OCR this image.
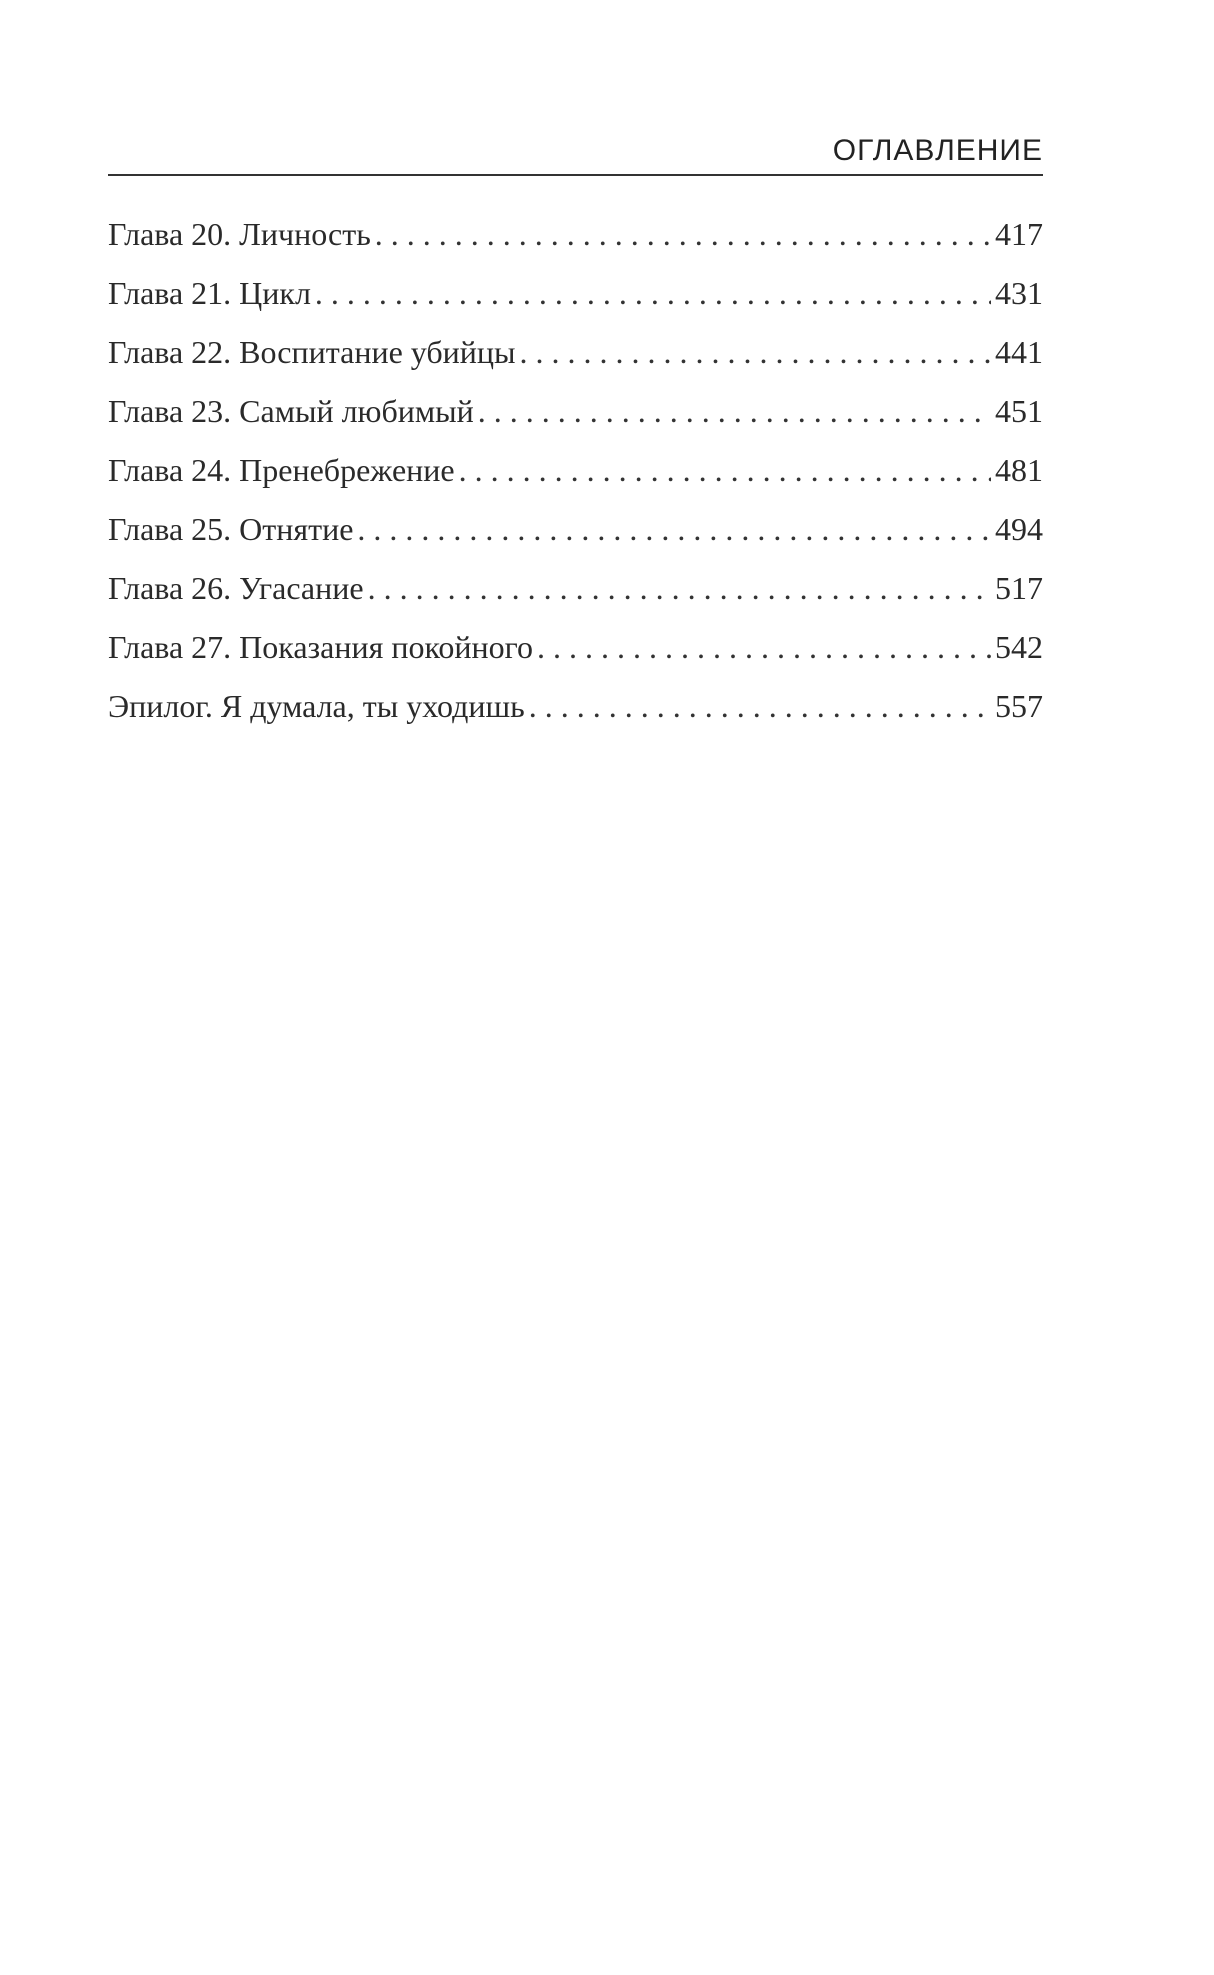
ОГЛАВЛЕНИЕ
Глава 20. Личность . . .	417
Глава 21. Цикл . . .	431
Глава 22. Воспитание убийцы . . .	441
Глава 23. Самый любимый . . .	451
Глава 24. Пренебрежение . . .	481
Глава 25. Отнятие . . .	494
Глава 26. Угасание . . .	517
Глава 27. Показания покойного . . .	542
Эпилог. Я думала, ты уходишь . . .	557
